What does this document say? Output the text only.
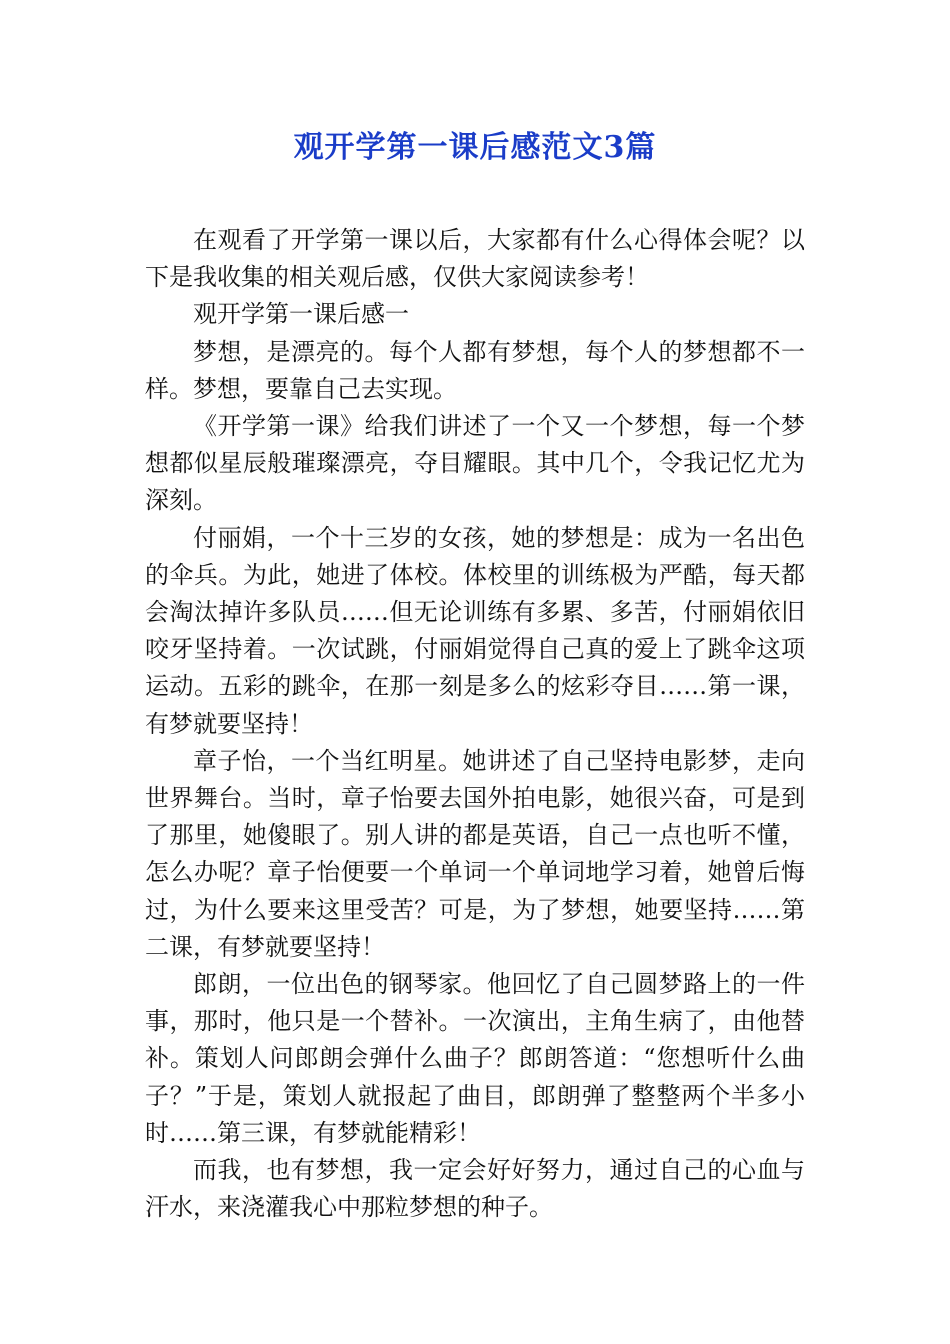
观开学第一课后感范文3篇

在观看了开学第一课以后，大家都有什么心得体会呢？以下是我收集的相关观后感，仅供大家阅读参考！

观开学第一课后感一

梦想，是漂亮的。每个人都有梦想，每个人的梦想都不一样。梦想，要靠自己去实现。

《开学第一课》给我们讲述了一个又一个梦想，每一个梦想都似星辰般璀璨漂亮，夺目耀眼。其中几个，令我记忆尤为深刻。

付丽娟，一个十三岁的女孩，她的梦想是：成为一名出色的伞兵。为此，她进了体校。体校里的训练极为严酷，每天都会淘汰掉许多队员……但无论训练有多累、多苦，付丽娟依旧咬牙坚持着。一次试跳，付丽娟觉得自己真的爱上了跳伞这项运动。五彩的跳伞，在那一刻是多么的炫彩夺目……第一课，有梦就要坚持！

章子怡，一个当红明星。她讲述了自己坚持电影梦，走向世界舞台。当时，章子怡要去国外拍电影，她很兴奋，可是到了那里，她傻眼了。别人讲的都是英语，自己一点也听不懂，怎么办呢？章子怡便要一个单词一个单词地学习着，她曾后悔过，为什么要来这里受苦？可是，为了梦想，她要坚持……第二课，有梦就要坚持！

郎朗，一位出色的钢琴家。他回忆了自己圆梦路上的一件事，那时，他只是一个替补。一次演出，主角生病了，由他替补。策划人问郎朗会弹什么曲子？郎朗答道：“您想听什么曲子？”于是，策划人就报起了曲目，郎朗弹了整整两个半多小时……第三课，有梦就能精彩！

而我，也有梦想，我一定会好好努力，通过自己的心血与汗水，来浇灌我心中那粒梦想的种子。
